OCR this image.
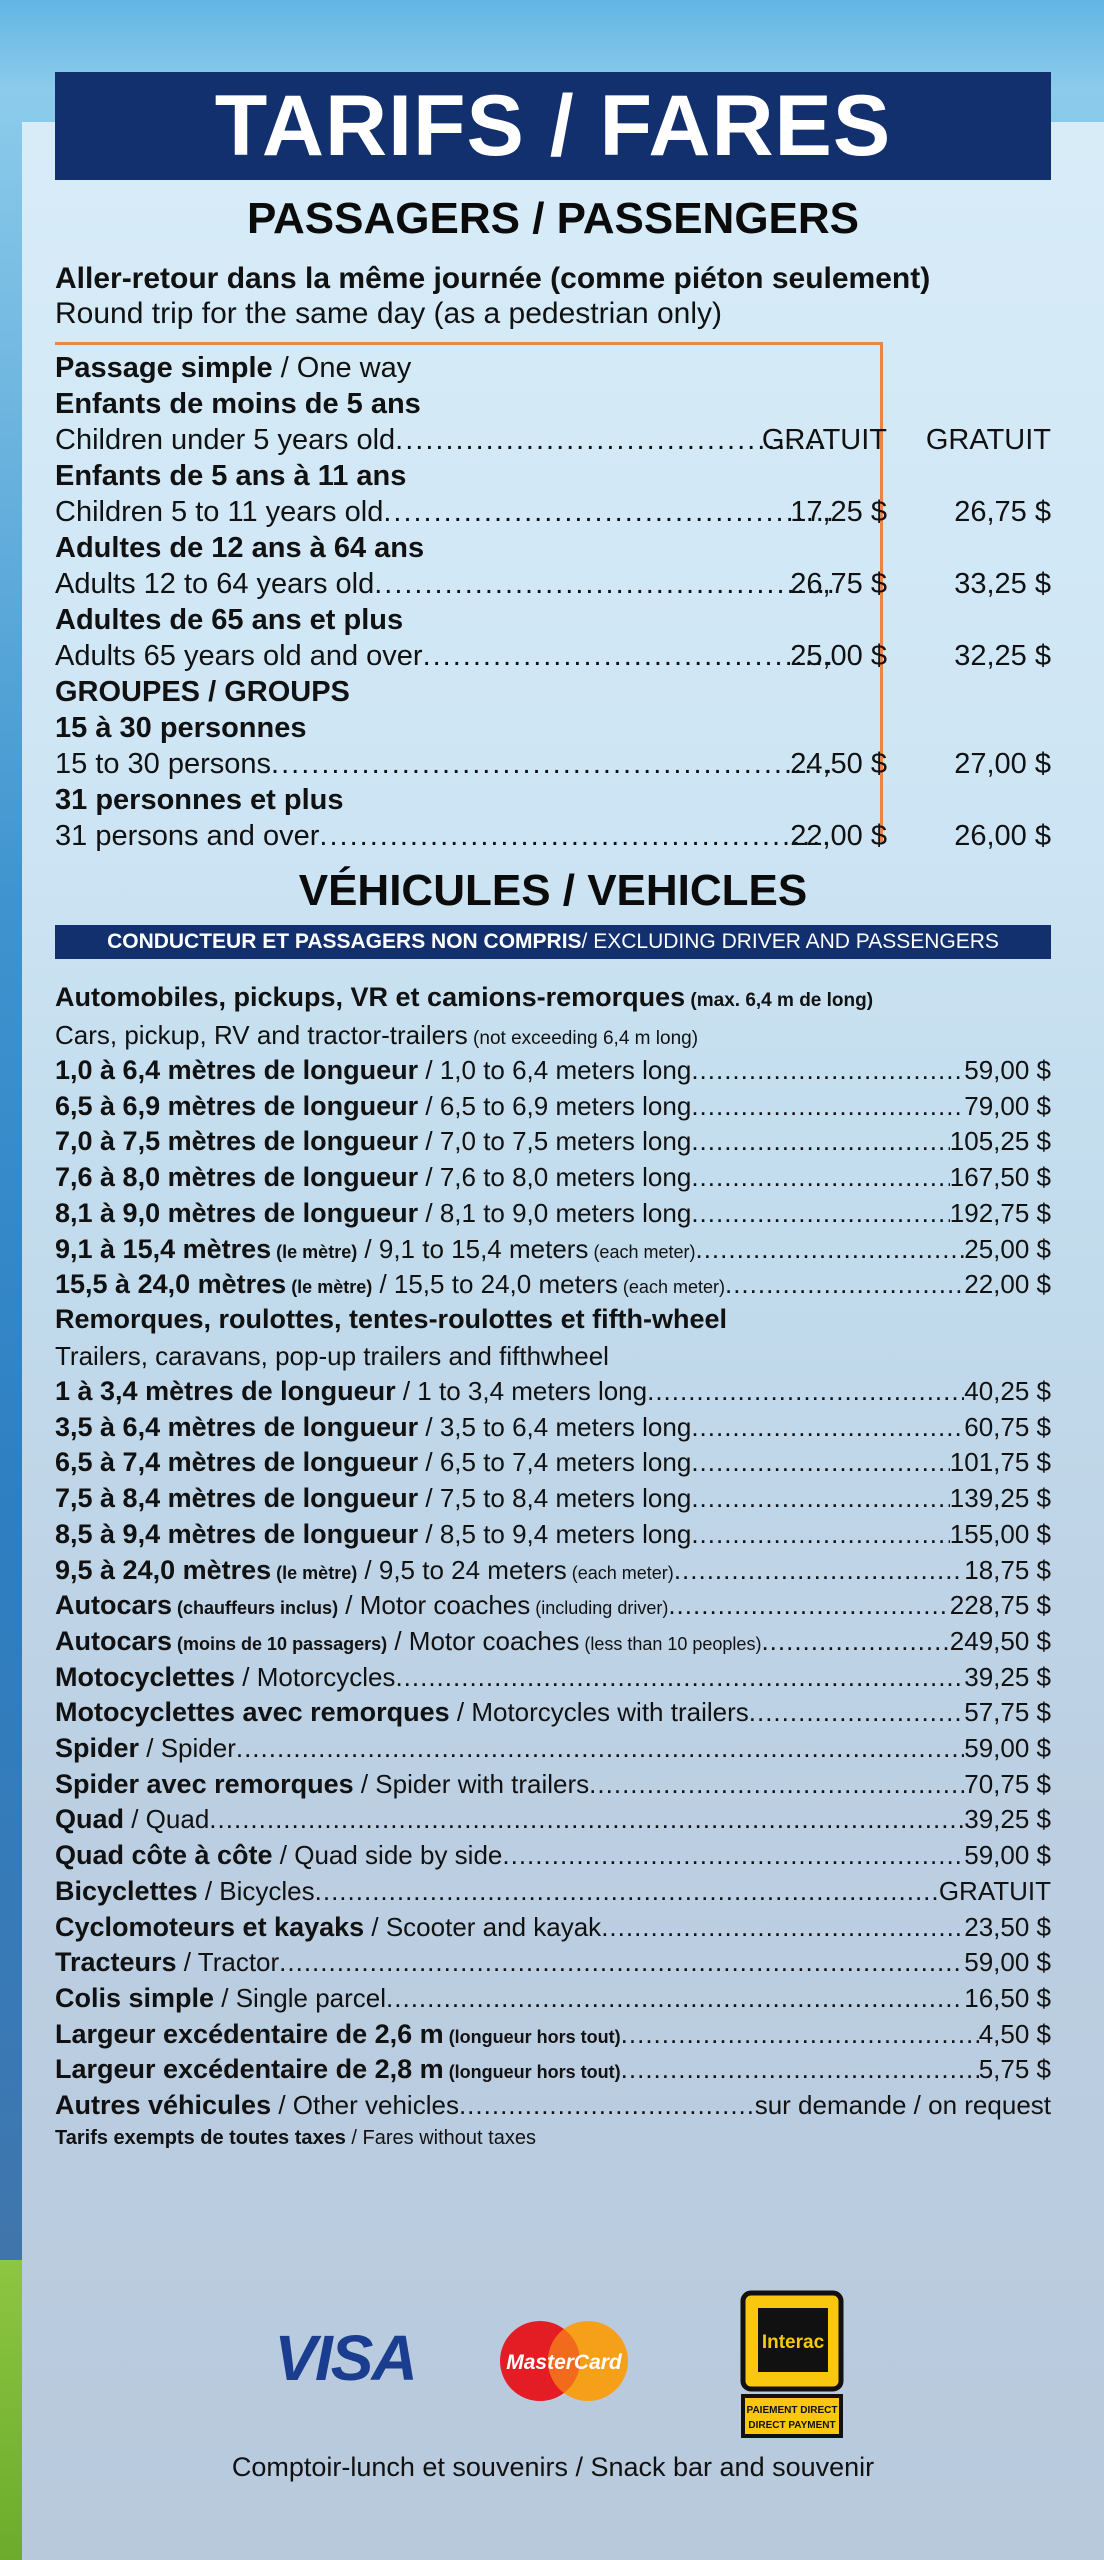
TARIFS / FARES
PASSAGERS / PASSENGERS
Aller-retour dans la même journée (comme piéton seulement)
Round trip for the same day (as a pedestrian only)
Passage simple / One way
Enfants de moins de 5 ans
Children under 5 years old .....	GRATUIT	GRATUIT
Enfants de 5 ans à 11 ans
Children 5 to 11 years old .....	17,25 $	26,75 $
Adultes de 12 ans à 64 ans
Adults 12 to 64 years old .....	26,75 $	33,25 $
Adultes de 65 ans et plus
Adults 65 years old and over .....	25,00 $	32,25 $
GROUPES / GROUPS
15 à 30 personnes
15 to 30 persons .....	24,50 $	27,00 $
31 personnes et plus
31 persons and over .....	22,00 $	26,00 $
VÉHICULES / VEHICLES
CONDUCTEUR ET PASSAGERS NON COMPRIS / EXCLUDING DRIVER AND PASSENGERS
Automobiles, pickups, VR et camions-remorques (max. 6,4 m de long)
Cars, pickup, RV and tractor-trailers (not exceeding 6,4 m long)
1,0 à 6,4 mètres de longueur / 1,0 to 6,4 meters long .....	59,00 $
6,5 à 6,9 mètres de longueur / 6,5 to 6,9 meters long .....	79,00 $
7,0 à 7,5 mètres de longueur / 7,0 to 7,5 meters long .....	105,25 $
7,6 à 8,0 mètres de longueur / 7,6 to 8,0 meters long .....	167,50 $
8,1 à 9,0 mètres de longueur / 8,1 to 9,0 meters long .....	192,75 $
9,1 à 15,4 mètres (le mètre) / 9,1 to 15,4 meters (each meter) .....	25,00 $
15,5 à 24,0 mètres (le mètre) / 15,5 to 24,0 meters (each meter) .....	22,00 $
Remorques, roulottes, tentes-roulottes et fifth-wheel
Trailers, caravans, pop-up trailers and fifthwheel
1 à 3,4 mètres de longueur / 1 to 3,4 meters long .....	40,25 $
3,5 à 6,4 mètres de longueur / 3,5 to 6,4 meters long .....	60,75 $
6,5 à 7,4 mètres de longueur / 6,5 to 7,4 meters long .....	101,75 $
7,5 à 8,4 mètres de longueur / 7,5 to 8,4 meters long .....	139,25 $
8,5 à 9,4 mètres de longueur / 8,5 to 9,4 meters long .....	155,00 $
9,5 à 24,0 mètres (le mètre) / 9,5 to 24 meters (each meter) .....	18,75 $
Autocars (chauffeurs inclus) / Motor coaches (including driver) .....	228,75 $
Autocars (moins de 10 passagers) / Motor coaches (less than 10 peoples) .....	249,50 $
Motocyclettes / Motorcycles .....	39,25 $
Motocyclettes avec remorques / Motorcycles with trailers .....	57,75 $
Spider / Spider .....	59,00 $
Spider avec remorques / Spider with trailers .....	70,75 $
Quad / Quad .....	39,25 $
Quad côte à côte / Quad side by side .....	59,00 $
Bicyclettes / Bicycles .....	GRATUIT
Cyclomoteurs et kayaks / Scooter and kayak .....	23,50 $
Tracteurs / Tractor .....	59,00 $
Colis simple / Single parcel .....	16,50 $
Largeur excédentaire de 2,6 m (longueur hors tout) .....	4,50 $
Largeur excédentaire de 2,8 m (longueur hors tout) .....	5,75 $
Autres véhicules / Other vehicles .....	sur demande / on request
Tarifs exempts de toutes taxes / Fares without taxes
VISA	MasterCard
Interac
PAIEMENT DIRECT
DIRECT PAYMENT
Comptoir-lunch et souvenirs / Snack bar and souvenir
